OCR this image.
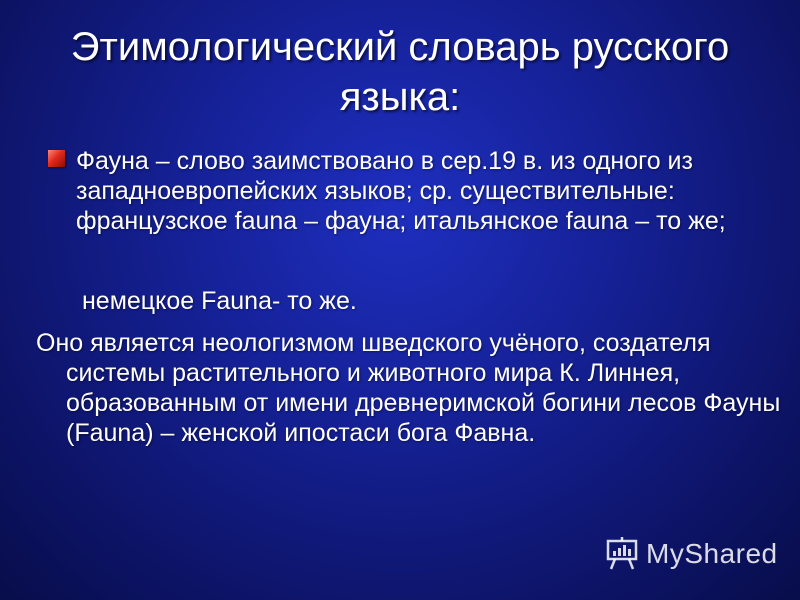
Этимологический словарь русского языка:
Фауна – слово заимствовано в сер.19 в. из одного из западноевропейских языков; ср. существительные: французское fauna – фауна; итальянское fauna – то же;
немецкое Fauna- то же.
Оно является неологизмом шведского учёного, создателя системы растительного и животного мира К. Линнея, образованным от имени древнеримской богини лесов Фауны (Fauna) – женской ипостаси бога Фавна.
MyShared
